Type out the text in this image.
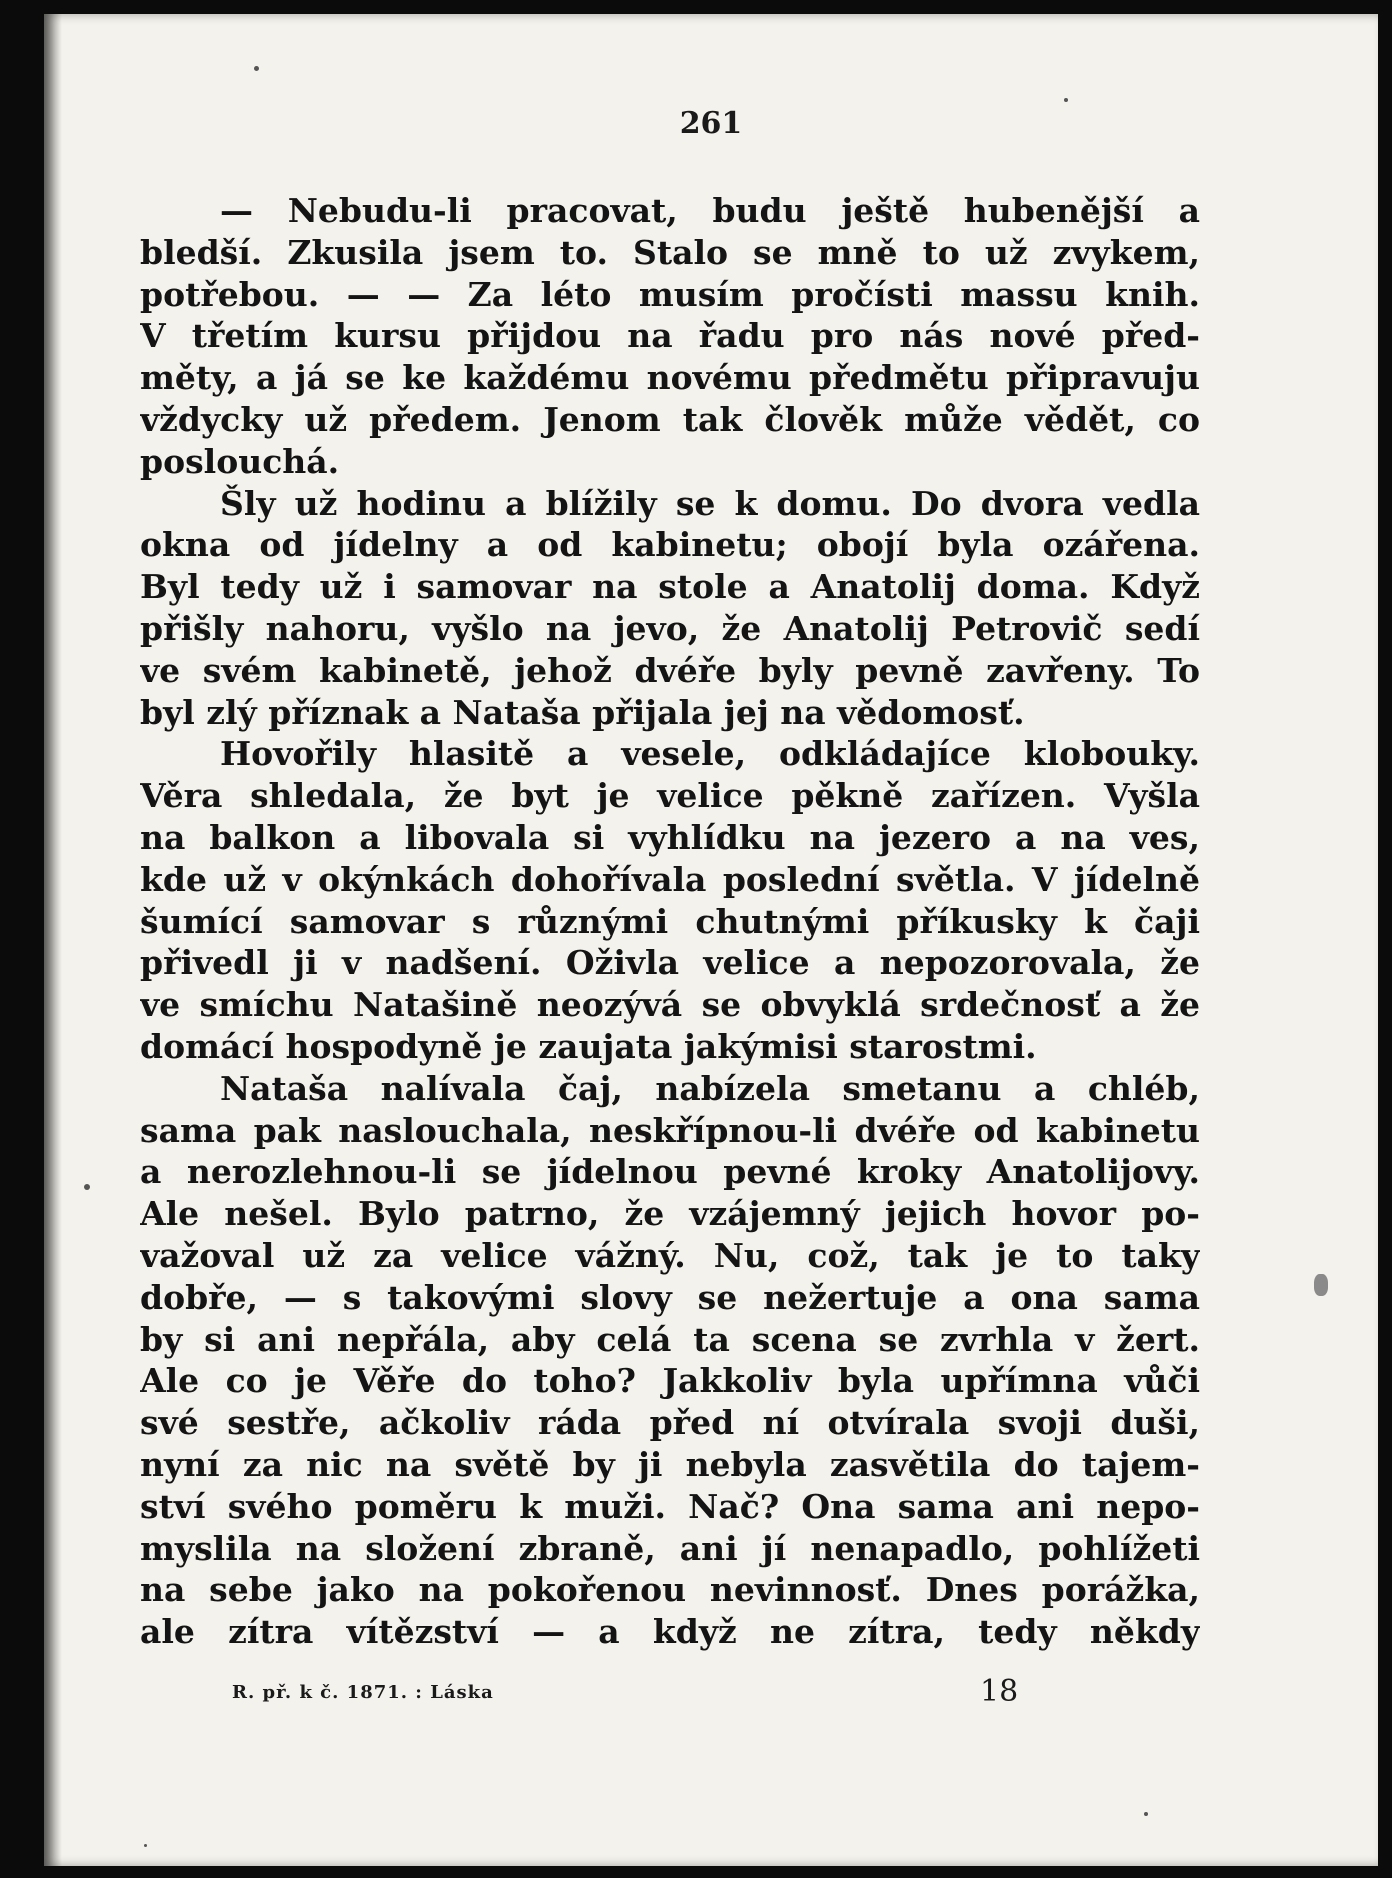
261
— Nebudu-li pracovat, budu ještě hubenější a
bledší. Zkusila jsem to. Stalo se mně to už zvykem,
potřebou. — — Za léto musím pročísti massu knih.
V třetím kursu přijdou na řadu pro nás nové před-
měty, a já se ke každému novému předmětu připravuju
vždycky už předem. Jenom tak člověk může vědět, co
poslouchá.
Šly už hodinu a blížily se k domu. Do dvora vedla
okna od jídelny a od kabinetu; obojí byla ozářena.
Byl tedy už i samovar na stole a Anatolij doma. Když
přišly nahoru, vyšlo na jevo, že Anatolij Petrovič sedí
ve svém kabinetě, jehož dvéře byly pevně zavřeny. To
byl zlý příznak a Nataša přijala jej na vědomosť.
Hovořily hlasitě a vesele, odkládajíce klobouky.
Věra shledala, že byt je velice pěkně zařízen. Vyšla
na balkon a libovala si vyhlídku na jezero a na ves,
kde už v okýnkách dohořívala poslední světla. V jídelně
šumící samovar s různými chutnými příkusky k čaji
přivedl ji v nadšení. Oživla velice a nepozorovala, že
ve smíchu Natašině neozývá se obvyklá srdečnosť a že
domácí hospodyně je zaujata jakýmisi starostmi.
Nataša nalívala čaj, nabízela smetanu a chléb,
sama pak naslouchala, neskřípnou-li dvéře od kabinetu
a nerozlehnou-li se jídelnou pevné kroky Anatolijovy.
Ale nešel. Bylo patrno, že vzájemný jejich hovor po-
važoval už za velice vážný. Nu, což, tak je to taky
dobře, — s takovými slovy se nežertuje a ona sama
by si ani nepřála, aby celá ta scena se zvrhla v žert.
Ale co je Věře do toho? Jakkoliv byla upřímna vůči
své sestře, ačkoliv ráda před ní otvírala svoji duši,
nyní za nic na světě by ji nebyla zasvětila do tajem-
ství svého poměru k muži. Nač? Ona sama ani nepo-
myslila na složení zbraně, ani jí nenapadlo, pohlížeti
na sebe jako na pokořenou nevinnosť. Dnes porážka,
ale zítra vítězství — a když ne zítra, tedy někdy
R. př. k č. 1871. : Láska	18
